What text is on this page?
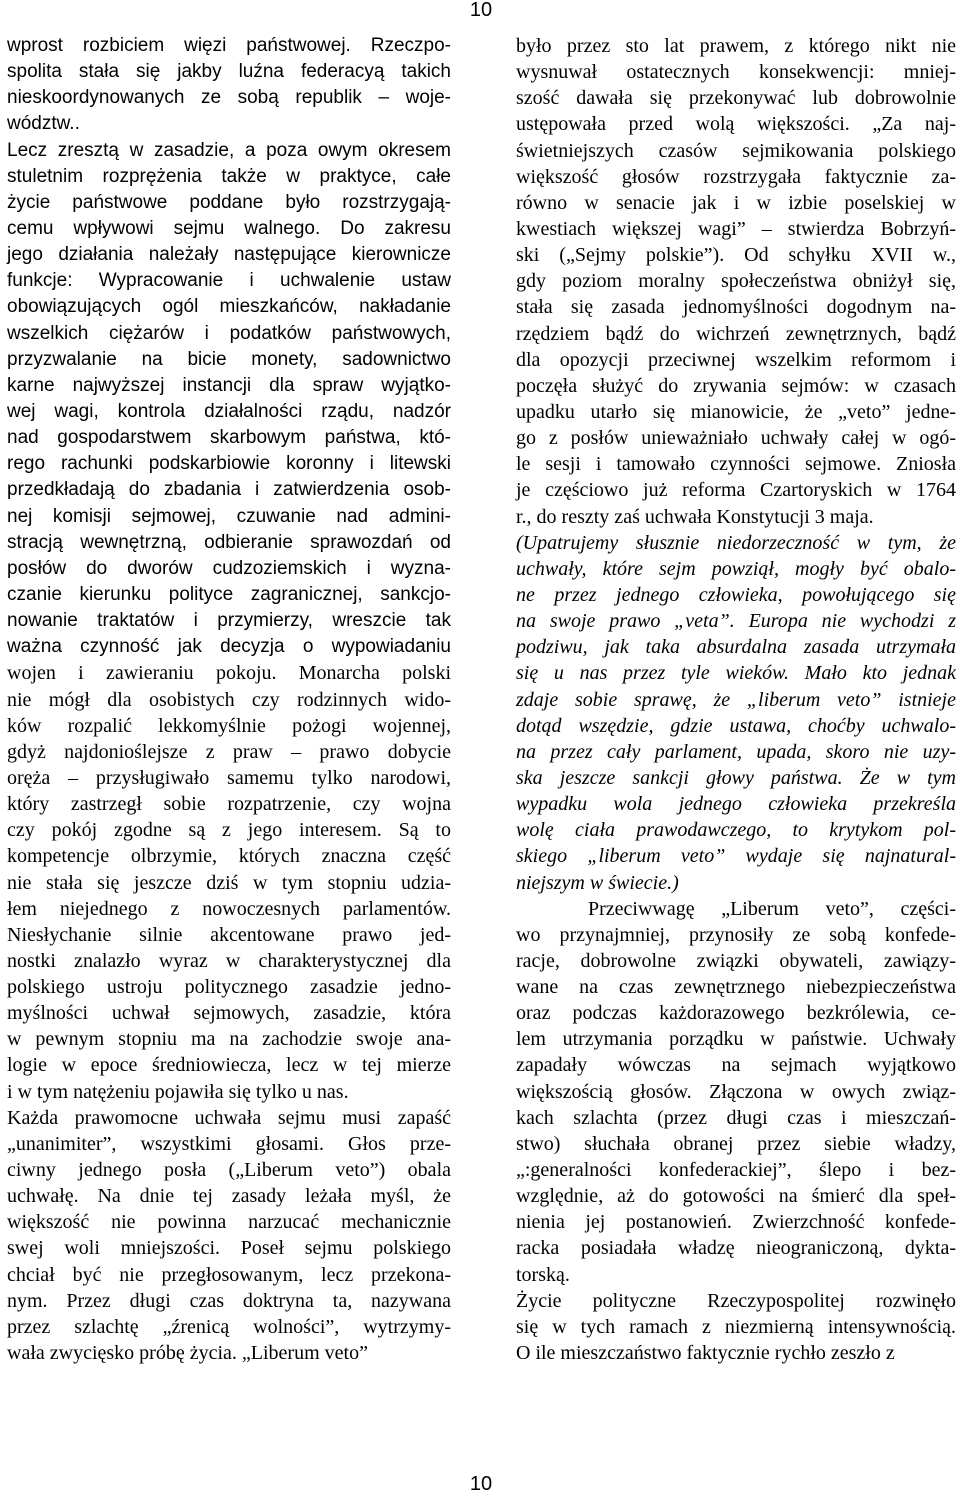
10
wprost rozbiciem więzi państwowej. Rzeczpo-
spolita stała się jakby luźna federacyą takich
nieskoordynowanych ze sobą republik – woje-
wództw..
Lecz zresztą w zasadzie, a poza owym okresem
stuletnim rozprężenia także w praktyce, całe
życie państwowe poddane było rozstrzygają-
cemu wpływowi sejmu walnego. Do zakresu
jego działania należały następujące kierownicze
funkcje: Wypracowanie i uchwalenie ustaw
obowiązujących ogól mieszkańców, nakładanie
wszelkich ciężarów i podatków państwowych,
przyzwalanie na bicie monety, sadownictwo
karne najwyższej instancji dla spraw wyjątko-
wej wagi, kontrola działalności rządu, nadzór
nad gospodarstwem skarbowym państwa, któ-
rego rachunki podskarbiowie koronny i litewski
przedkładają do zbadania i zatwierdzenia osob-
nej komisji sejmowej, czuwanie nad admini-
stracją wewnętrzną, odbieranie sprawozdań od
posłów do dworów cudzoziemskich i wyzna-
czanie kierunku polityce zagranicznej, sankcjo-
nowanie traktatów i przymierzy, wreszcie tak
ważna czynność jak decyzja o wypowiadaniu
wojen i zawieraniu pokoju. Monarcha polski
nie mógł dla osobistych czy rodzinnych wido-
ków rozpalić lekkomyślnie pożogi wojennej,
gdyż najdonioślejsze z praw – prawo dobycie
oręża – przysługiwało samemu tylko narodowi,
który zastrzegł sobie rozpatrzenie, czy wojna
czy pokój zgodne są z jego interesem. Są to
kompetencje olbrzymie, których znaczna część
nie stała się jeszcze dziś w tym stopniu udzia-
łem niejednego z nowoczesnych parlamentów.
Niesłychanie silnie akcentowane prawo jed-
nostki znalazło wyraz w charakterystycznej dla
polskiego ustroju politycznego zasadzie jedno-
myślności uchwał sejmowych, zasadzie, która
w pewnym stopniu ma na zachodzie swoje ana-
logie w epoce średniowiecza, lecz w tej mierze
i w tym natężeniu pojawiła się tylko u nas.
Każda prawomocne uchwała sejmu musi zapaść
„unanimiter”, wszystkimi głosami. Głos prze-
ciwny jednego posła („Liberum veto”) obala
uchwałę. Na dnie tej zasady leżała myśl, że
większość nie powinna narzucać mechanicznie
swej woli mniejszości. Poseł sejmu polskiego
chciał być nie przegłosowanym, lecz przekona-
nym. Przez długi czas doktryna ta, nazywana
przez szlachtę „źrenicą wolności”, wytrzymy-
wała zwycięsko próbę życia. „Liberum veto”
było przez sto lat prawem, z którego nikt nie
wysnuwał ostatecznych konsekwencji: mniej-
szość dawała się przekonywać lub dobrowolnie
ustępowała przed wolą większości. „Za naj-
świetniejszych czasów sejmikowania polskiego
większość głosów rozstrzygała faktycznie za-
równo w senacie jak i w izbie poselskiej w
kwestiach większej wagi” – stwierdza Bobrzyń-
ski („Sejmy polskie”). Od schyłku XVII w.,
gdy poziom moralny społeczeństwa obniżył się,
stała się zasada jednomyślności dogodnym na-
rzędziem bądź do wichrzeń zewnętrznych, bądź
dla opozycji przeciwnej wszelkim reformom i
poczęła służyć do zrywania sejmów: w czasach
upadku utarło się mianowicie, że „veto” jedne-
go z posłów unieważniało uchwały całej w ogó-
le sesji i tamowało czynności sejmowe. Zniosła
je częściowo już reforma Czartoryskich w 1764
r., do reszty zaś uchwała Konstytucji 3 maja.
(Upatrujemy słusznie niedorzeczność w tym, że
uchwały, które sejm powziął, mogły być obalo-
ne przez jednego człowieka, powołującego się
na swoje prawo „veta”. Europa nie wychodzi z
podziwu, jak taka absurdalna zasada utrzymała
się u nas przez tyle wieków. Mało kto jednak
zdaje sobie sprawę, że „liberum veto” istnieje
dotąd wszędzie, gdzie ustawa, choćby uchwalo-
na przez cały parlament, upada, skoro nie uzy-
ska jeszcze sankcji głowy państwa. Że w tym
wypadku wola jednego człowieka przekreśla
wolę ciała prawodawczego, to krytykom pol-
skiego „liberum veto” wydaje się najnatural-
niejszym w świecie.)
Przeciwwagę „Liberum veto”, części-
wo przynajmniej, przynosiły ze sobą konfede-
racje, dobrowolne związki obywateli, zawiązy-
wane na czas zewnętrznego niebezpieczeństwa
oraz podczas każdorazowego bezkrólewia, ce-
lem utrzymania porządku w państwie. Uchwały
zapadały wówczas na sejmach wyjątkowo
większością głosów. Złączona w owych związ-
kach szlachta (przez długi czas i mieszczań-
stwo) słuchała obranej przez siebie władzy,
„:generalności konfederackiej”, ślepo i bez-
względnie, aż do gotowości na śmierć dla speł-
nienia jej postanowień. Zwierzchność konfede-
racka posiadała władzę nieograniczoną, dykta-
torską.
Życie polityczne Rzeczypospolitej rozwinęło
się w tych ramach z niezmierną intensywnością.
O ile mieszczaństwo faktycznie rychło zeszło z
10
